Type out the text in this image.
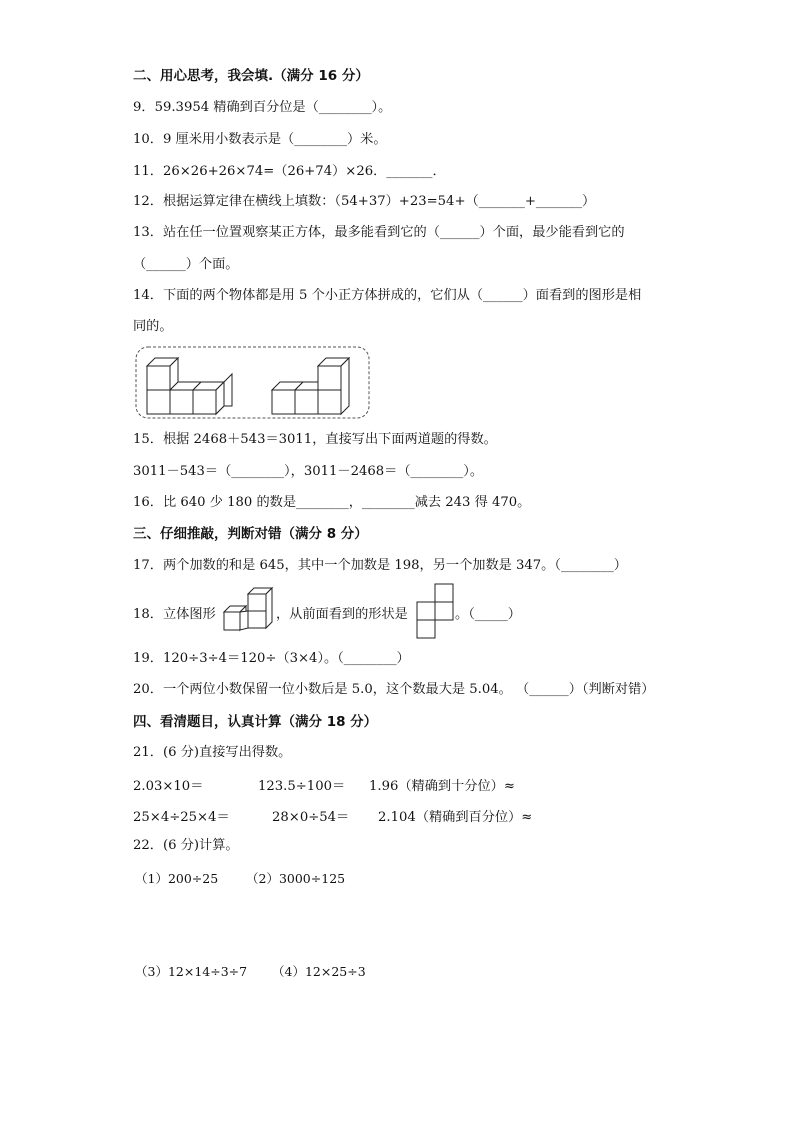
二、用心思考，我会填.（满分 16 分）
9．59.3954 精确到百分位是（________）。
10．9 厘米用小数表示是（________）米。
11．26×26+26×74=（26+74）×26．_______．
12．根据运算定律在横线上填数：（54+37）+23=54+（_______+_______）
13．站在任一位置观察某正方体，最多能看到它的（______）个面，最少能看到它的
（______）个面。
14．下面的两个物体都是用 5 个小正方体拼成的，它们从（______）面看到的图形是相
同的。
15．根据 2468＋543＝3011，直接写出下面两道题的得数。
3011－543＝（________），3011－2468＝（________）。
16．比 640 少 180 的数是________，________减去 243 得 470。
三、仔细推敲，判断对错（满分 8 分）
17．两个加数的和是 645，其中一个加数是 198，另一个加数是 347。（________）
18．立体图形	，从前面看到的形状是	。（_____）
19．120÷3÷4＝120÷（3×4）。（________）
20．一个两位小数保留一位小数后是 5.0，这个数最大是 5.04。 （______）（判断对错）
四、看清题目，认真计算（满分 18 分）
21．(6 分)直接写出得数。
2.03×10＝	123.5÷100＝ 1.96（精确到十分位）≈
25×4÷25×4＝	28×0÷54＝ 2.104（精确到百分位）≈
22．(6 分)计算。
（1）200÷25 （2）3000÷125
（3）12×14÷3÷7 （4）12×25÷3
